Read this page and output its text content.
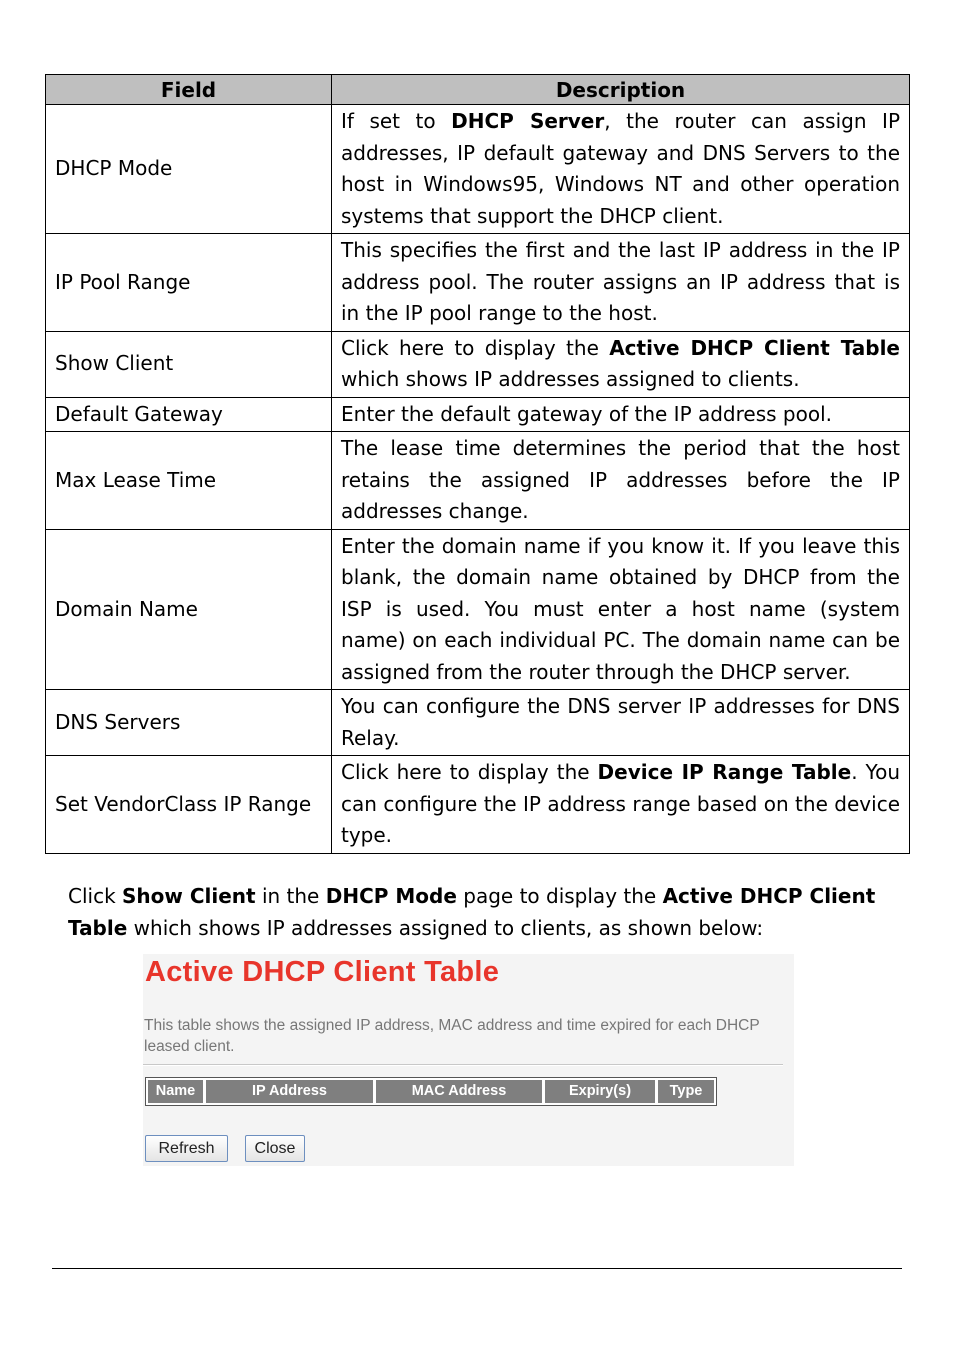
Field	Description
DHCP Mode	If set to DHCP Server, the router can assign IP addresses, IP default gateway and DNS Servers to the host in Windows95, Windows NT and other operation systems that support the DHCP client.
IP Pool Range	This specifies the first and the last IP address in the IP address pool. The router assigns an IP address that is in the IP pool range to the host.
Show Client	Click here to display the Active DHCP Client Table which shows IP addresses assigned to clients.
Default Gateway	Enter the default gateway of the IP address pool.
Max Lease Time	The lease time determines the period that the host retains the assigned IP addresses before the IP addresses change.
Domain Name	Enter the domain name if you know it. If you leave this blank, the domain name obtained by DHCP from the ISP is used. You must enter a host name (system name) on each individual PC. The domain name can be assigned from the router through the DHCP server.
DNS Servers	You can configure the DNS server IP addresses for DNS Relay.
Set VendorClass IP Range	Click here to display the Device IP Range Table. You can configure the IP address range based on the device type.

Click Show Client in the DHCP Mode page to display the Active DHCP Client Table which shows IP addresses assigned to clients, as shown below:

Active DHCP Client Table

This table shows the assigned IP address, MAC address and time expired for each DHCP leased client.

Name	IP Address	MAC Address	Expiry(s)	Type
Refresh	Close
